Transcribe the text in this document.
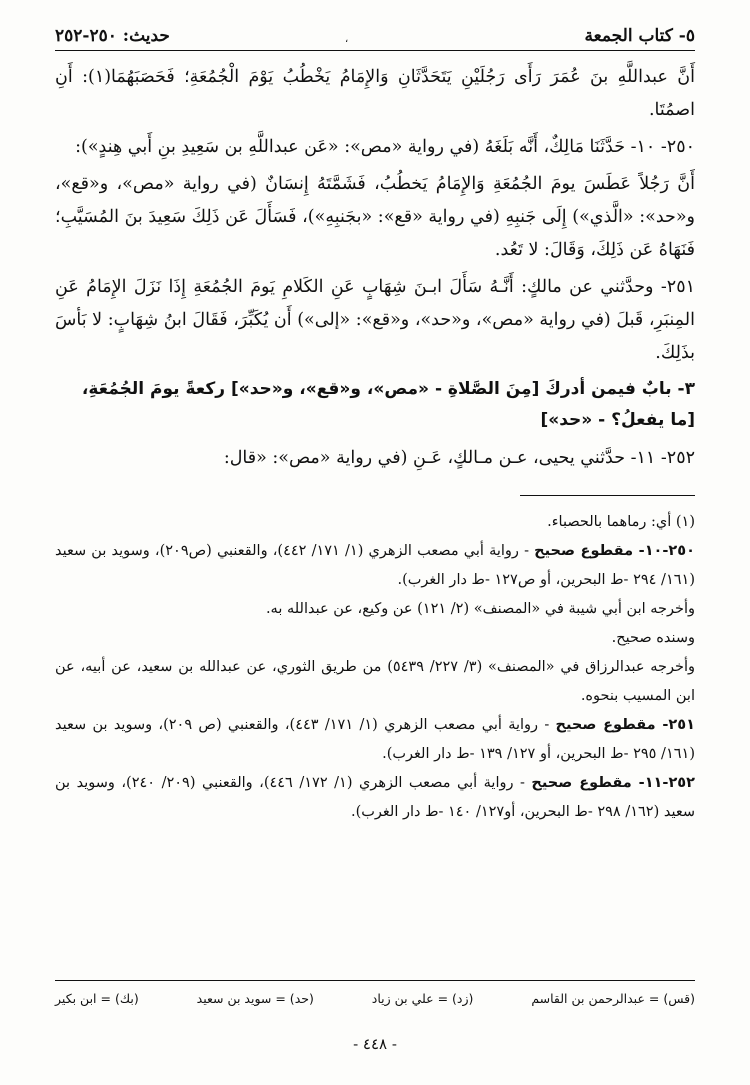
٥- كتاب الجمعة
،
حديث: ٢٥٠-٢٥٢

أَنَّ عبداللَّهِ بنَ عُمَرَ رَأَى رَجُلَيْنِ يَتَحَدَّثَانِ وَالإِمَامُ يَخْطُبُ يَوْمَ الْجُمُعَةِ؛ فَحَصَبَهُمَا(١): أَنِ اصمُتَا.

٢٥٠- ١٠- حَدَّثَنَا مَالِكٌ، أَنَّه بَلَغَهُ (في رواية «مص»: «عَن عبداللَّهِ بن سَعِيدِ بنِ أَبي هِندٍ»):

أَنَّ رَجُلاً عَطَسَ يومَ الجُمُعَةِ وَالإِمَامُ يَخطُبُ، فَشَمَّتَهُ إِنسَانٌ (في رواية «مص»، و«قع»، و«حد»: «الَّذي») إِلَى جَنبِهِ (في رواية «قع»: «بجَنبِهِ»)، فَسَأَلَ عَن ذَلِكَ سَعِيدَ بنَ المُسَيَّبِ؛ فَنَهَاهُ عَن ذَلِكَ، وَقَالَ: لا تَعُد.

٢٥١- وحدَّثني عن مالكٍ: أَنَّـهُ سَأَلَ ابـنَ شِهَابٍ عَنِ الكَلامِ يَومَ الجُمُعَةِ إِذَا نَزَلَ الإِمَامُ عَنِ المِنبَرِ، قَبلَ (في رواية «مص»، و«حد»، و«قع»: «إلى») أَن يُكَبِّرَ، فَقَالَ ابنُ شِهَابٍ: لا بَأسَ بذَلِكَ.

٣- بابٌ فيمن أدركَ [مِنَ الصَّلاةِ - «مص»، و«قع»، و«حد»] ركعةً يومَ الجُمُعَةِ، [ما يفعلُ؟ - «حد»]

٢٥٢- ١١- حدَّثني يحيى، عـن مـالكٍ، عَـنِ (في رواية «مص»: «قال:

(١) أي: رماهما بالحصباء.

٢٥٠-١٠- مقطوع صحيح - رواية أبي مصعب الزهري (١/ ١٧١/ ٤٤٢)، والقعنبي (ص٢٠٩)، وسويد بن سعيد (١٦١/ ٢٩٤ -ط البحرين، أو ص١٢٧ -ط دار الغرب).

وأخرجه ابن أبي شيبة في «المصنف» (٢/ ١٢١) عن وكيع، عن عبدالله به.

وسنده صحيح.

وأخرجه عبدالرزاق في «المصنف» (٣/ ٢٢٧/ ٥٤٣٩) من طريق الثوري، عن عبدالله بن سعيد، عن أبيه، عن ابن المسيب بنحوه.

٢٥١- مقطوع صحيح - رواية أبي مصعب الزهري (١/ ١٧١/ ٤٤٣)، والقعنبي (ص ٢٠٩)، وسويد بن سعيد (١٦١/ ٢٩٥ -ط البحرين، أو ١٢٧/ ١٣٩ -ط دار الغرب).

٢٥٢-١١- مقطوع صحيح - رواية أبي مصعب الزهري (١/ ١٧٢/ ٤٤٦)، والقعنبي (٢٠٩/ ٢٤٠)، وسويد بن سعيد (١٦٢/ ٢٩٨ -ط البحرين، أو١٢٧/ ١٤٠ -ط دار الغرب).

(قس) = عبدالرحمن بن القاسم
(زد) = علي بن زياد
(حد) = سويد بن سعيد
(بك) = ابن بكير
- ٤٤٨ -
